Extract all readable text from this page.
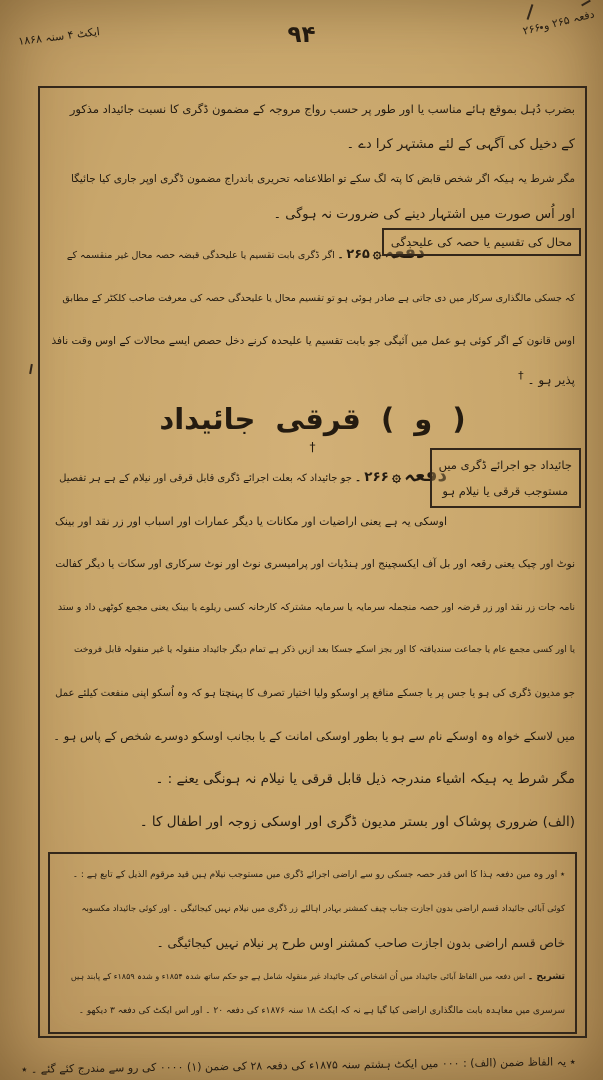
دفعہ ۲۶۵ و ۲۶۶
۹۴
ایکٹ ۴ سنہ ۱۸۶۸
بضرب دُہل بموقع ہائے مناسب یا اور طور پر حسب رواج مروجہ کے مضمون ڈگری کا نسبت جائیداد مذکور
کے دخیل کی آگہی کے لئے مشتہر کرا دے ۔
مگر شرط یہ ہیکہ اگر شخص قابض کا پتہ لگ سکے تو اطلاعنامہ تحریری باندراج مضمون ڈگری اوپر جاری کیا جائیگا
اور اُس صورت میں اشتہار دینے کی ضرورت نہ ہوگی ۔
دفعہ ۞ ۲۶۵ ۔ اگر ڈگری بابت تقسیم یا علیحدگی قبضہ حصہ محال غیر منقسمہ کے
کہ جسکی مالگذاری سرکار میں دی جاتی ہے صادر ہوئی ہو تو تقسیم محال یا علیحدگی حصہ کی معرفت صاحب کلکٹر کے مطابق
اوس قانون کے اگر کوئی ہو عمل میں آئیگی جو بابت تقسیم یا علیحدہ کرنے دخل حصص ایسے محالات کے اوس وقت نافذ
پذیر ہو ۔ †
( و ) قرقی جائیداد
†
دفعہ ۞ ۲۶۶ ۔ جو جائیداد کہ بعلت اجرائے ڈگری قابل قرقی اور نیلام کے ہے ہر تفصیل
اوسکی یہ ہے یعنی اراضیات اور مکانات یا دیگر عمارات اور اسباب اور زر نقد اور بینک
نوٹ اور چیک یعنی رقعہ اور بل آف ایکسچینج اور ہنڈیات اور پرامیسری نوٹ اور نوٹ سرکاری اور سکات یا دیگر کفالت
نامہ جات زر نقد اور زر قرضہ اور حصہ منجملہ سرمایہ یا سرمایہ مشترکہ کارخانہ کسی ریلوے یا بینک یعنی مجمع کوٹھی داد و ستد
یا اور کسی مجمع عام یا جماعت سندیافتہ کا اور بجز اسکے جسکا بعد ازیں ذکر ہے تمام دیگر جائیداد منقولہ یا غیر منقولہ قابل فروخت
جو مدیون ڈگری کی ہو یا جس پر یا جسکے منافع پر اوسکو ولیا اختیار تصرف کا پہنچتا ہو کہ وہ اُسکو اپنی منفعت کیلئے عمل
میں لاسکے خواہ وہ اوسکے نام سے ہو یا بطور اوسکی امانت کے یا بجانب اوسکو دوسرے شخص کے پاس ہو ۔
مگر شرط یہ ہیکہ اشیاء مندرجہ ذیل قابل قرقی یا نیلام نہ ہونگی یعنے : ۔
(الف) ضروری پوشاک اور بستر مدیون ڈگری اور اوسکی زوجہ اور اطفال کا ۔
٭ اور وہ مین دفعہ ہذا کا اس قدر حصہ جسکی رو سے اراضی اجرائے ڈگری میں مستوجب نیلام ہیں قید مرقوم الذیل کے تابع ہے : ۔
کوئی آبائی جائیداد قسم اراضی بدون اجازت جناب چیف کمشنر بہادر اہالئے زر ڈگری میں نیلام نہیں کیجائیگی ۔ اور کوئی جائیداد مکسوبہ
خاص قسم اراضی بدون اجازت صاحب کمشنر اوس طرح پر نیلام نہیں کیجائیگی ۔
تشریح ۔ اس دفعہ میں الفاظ آبائی جائیداد میں اُن اشخاص کی جائیداد غیر منقولہ شامل ہے جو حکم ساتھ شدہ ۱۸۵۴ء و شدہ ۱۸۵۹ء کے پابند ہیں
سرسری میں معاہدہ بابت مالگذاری اراضی کیا گیا ہے نہ کہ ایکٹ ۱۸ سنہ ۱۸۷۶ء کی دفعہ ۲۰ ۔ اور اس ایکٹ کی دفعہ ۳ دیکھو ۔
محال کی تقسیم یا حصہ کی علیحدگی
جائیداد جو اجرائے ڈگری میں
مستوجب قرقی یا نیلام ہو
٭ یہ الفاظ ضمن (الف) : ۰۰۰ میں ایکٹ ہشتم سنہ ۱۸۷۵ء کی دفعہ ۲۸ کی ضمن (۱) ۰۰۰۰ کی رو سے مندرج کئے گئے ۔ ٭
